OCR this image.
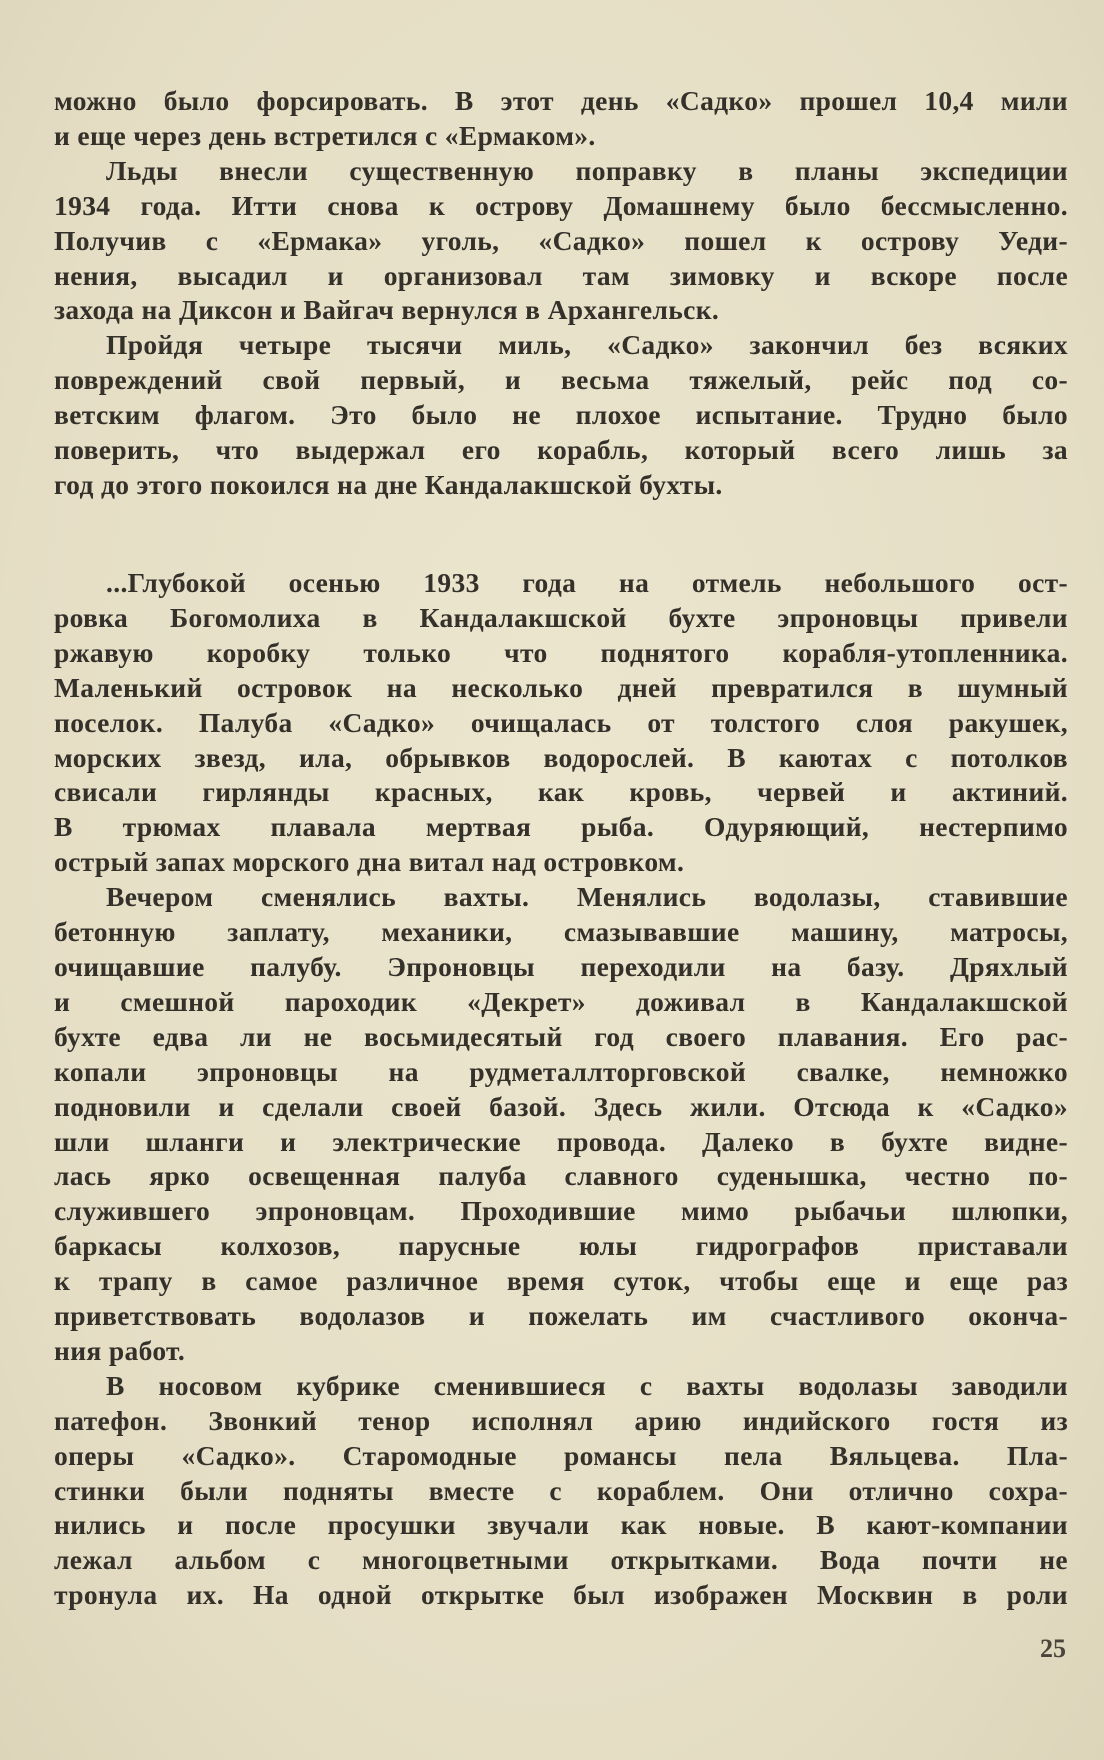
можно было форсировать. В этот день «Садко» прошел 10,4 мили

и еще через день встретился с «Ермаком».

Льды внесли существенную поправку в планы экспедиции
1934 года. Итти снова к острову Домашнему было бессмысленно.
Получив с «Ермака» уголь, «Садко» пошел к острову Уеди-
нения, высадил и организовал там зимовку и вскоре после

захода на Диксон и Вайгач вернулся в Архангельск.

Пройдя четыре тысячи миль, «Садко» закончил без всяких
повреждений свой первый, и весьма тяжелый, рейс под со-
ветским флагом. Это было не плохое испытание. Трудно было
поверить, что выдержал его корабль, который всего лишь за

год до этого покоился на дне Кандалакшской бухты.

...Глубокой осенью 1933 года на отмель небольшого ост-
ровка Богомолиха в Кандалакшской бухте эпроновцы привели
ржавую коробку только что поднятого корабля-утопленника.
Маленький островок на несколько дней превратился в шумный
поселок. Палуба «Садко» очищалась от толстого слоя ракушек,
морских звезд, ила, обрывков водорослей. В каютах с потолков
свисали гирлянды красных, как кровь, червей и актиний.
В трюмах плавала мертвая рыба. Одуряющий, нестерпимо

острый запах морского дна витал над островком.

Вечером сменялись вахты. Менялись водолазы, ставившие
бетонную заплату, механики, смазывавшие машину, матросы,
очищавшие палубу. Эпроновцы переходили на базу. Дряхлый
и смешной пароходик «Декрет» доживал в Кандалакшской
бухте едва ли не восьмидесятый год своего плавания. Его рас-
копали эпроновцы на рудметаллторговской свалке, немножко
подновили и сделали своей базой. Здесь жили. Отсюда к «Садко»
шли шланги и электрические провода. Далеко в бухте видне-
лась ярко освещенная палуба славного суденышка, честно по-
служившего эпроновцам. Проходившие мимо рыбачьи шлюпки,
баркасы колхозов, парусные юлы гидрографов приставали
к трапу в самое различное время суток, чтобы еще и еще раз
приветствовать водолазов и пожелать им счастливого оконча-

ния работ.

В носовом кубрике сменившиеся с вахты водолазы заводили
патефон. Звонкий тенор исполнял арию индийского гостя из
оперы «Садко». Старомодные романсы пела Вяльцева. Пла-
стинки были подняты вместе с кораблем. Они отлично сохра-
нились и после просушки звучали как новые. В кают-компании
лежал альбом с многоцветными открытками. Вода почти не
тронула их. На одной открытке был изображен Москвин в роли

25
